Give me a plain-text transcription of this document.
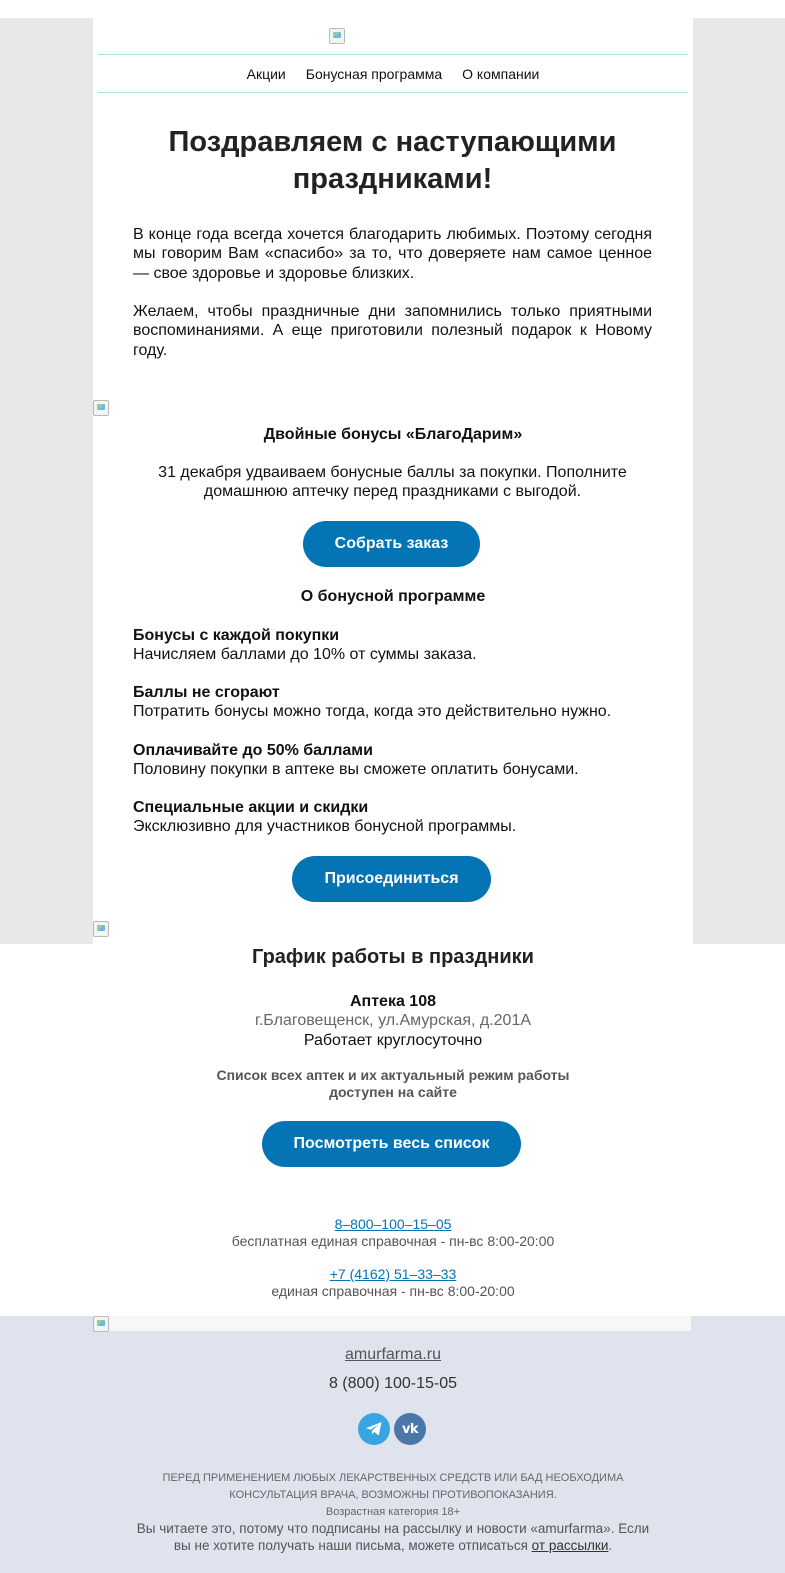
Акции Бонусная программа О компании
Поздравляем с наступающими праздниками!

В конце года всегда хочется благодарить любимых. Поэтому сегодня мы говорим Вам «спасибо» за то, что доверяете нам самое ценное — свое здоровье и здоровье близких.

Желаем, чтобы праздничные дни запомнились только приятными воспоминаниями. А еще приготовили полезный подарок к Новому году.

Двойные бонусы «БлагоДарим»
31 декабря удваиваем бонусные баллы за покупки. Пополните домашнюю аптечку перед праздниками с выгодой.
Собрать заказ
О бонусной программе
Бонусы с каждой покупки
Начисляем баллами до 10% от суммы заказа.
Баллы не сгорают
Потратить бонусы можно тогда, когда это действительно нужно.
Оплачивайте до 50% баллами
Половину покупки в аптеке вы сможете оплатить бонусами.
Специальные акции и скидки
Эксклюзивно для участников бонусной программы.
Присоединиться
График работы в праздники
Аптека 108
г.Благовещенск, ул.Амурская, д.201А
Работает круглосуточно
Список всех аптек и их актуальный режим работы
доступен на сайте
Посмотреть весь список
8–800–100–15–05
бесплатная единая справочная - пн-вс 8:00-20:00
+7 (4162) 51–33–33
единая справочная - пн-вс 8:00-20:00
amurfarma.ru
8 (800) 100-15-05
vk
ПЕРЕД ПРИМЕНЕНИЕМ ЛЮБЫХ ЛЕКАРСТВЕННЫХ СРЕДСТВ ИЛИ БАД НЕОБХОДИМА КОНСУЛЬТАЦИЯ ВРАЧА, ВОЗМОЖНЫ ПРОТИВОПОКАЗАНИЯ.
Возрастная категория 18+
Вы читаете это, потому что подписаны на рассылку и новости «amurfarma». Если вы не хотите получать наши письма, можете отписаться от рассылки.
